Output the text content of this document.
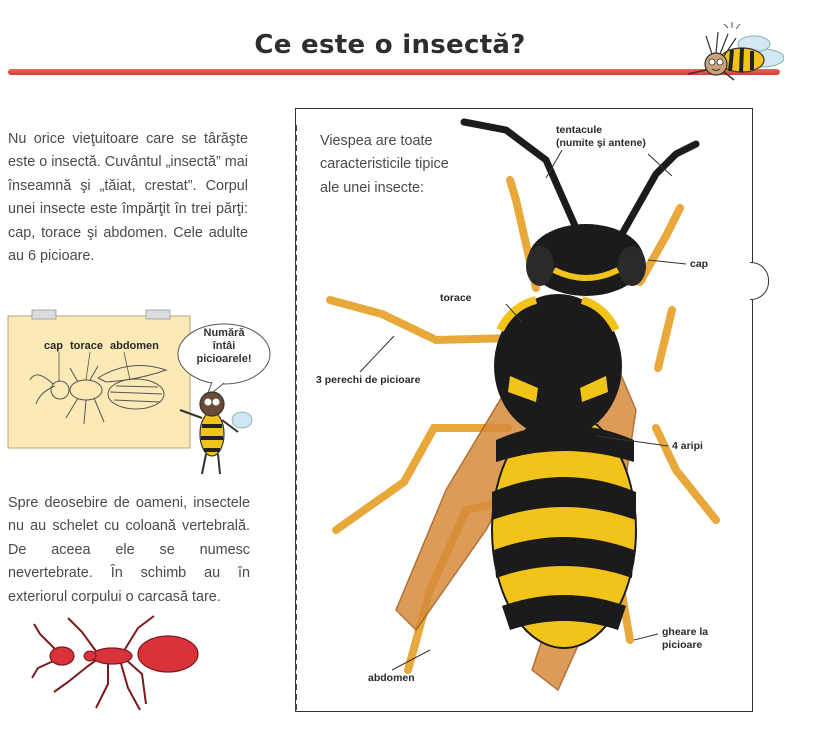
Ce este o insectă?
Nu orice vieţuitoare care se târăşte este o insectă. Cuvântul „insectă” mai înseamnă şi „tăiat, crestat”. Corpul unei insecte este împărţit în trei părţi: cap, torace şi abdomen. Cele adulte au 6 picioare.
cap torace abdomen
Numără
întâi
picioarele!
Spre deosebire de oameni, insectele nu au schelet cu coloană vertebrală. De aceea ele se numesc nevertebrate. În schimb au în exteriorul corpului o carcasă tare.
Viespea are toate caracteristicile tipice ale unei insecte:
tentacule
(numite şi antene)
cap
torace
3 perechi de picioare
4 aripi
gheare la
picioare
abdomen
